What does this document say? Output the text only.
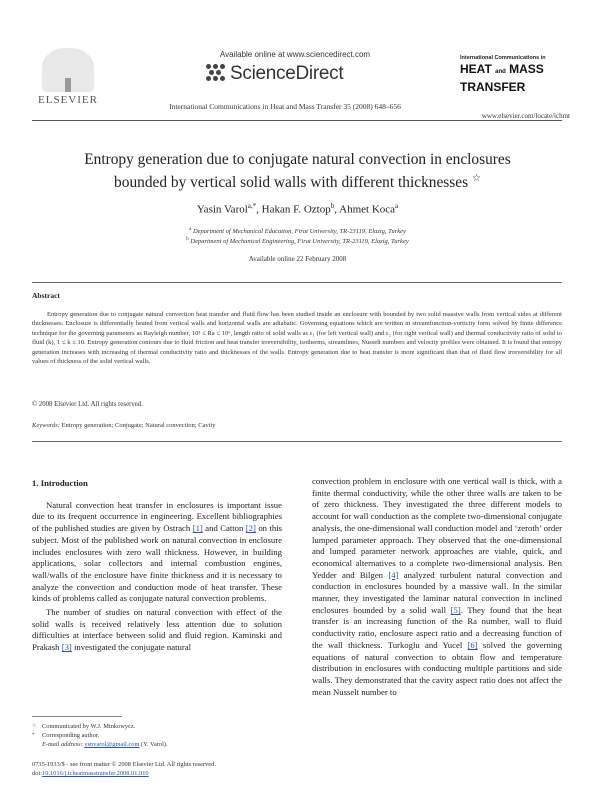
ELSEVIER
Available online at www.sciencedirect.com
ScienceDirect
International Communications in Heat and Mass Transfer 35 (2008) 648–656
International Communications in
HEAT and MASS
TRANSFER
www.elsevier.com/locate/ichmt
Entropy generation due to conjugate natural convection in enclosures
bounded by vertical solid walls with different thicknesses ☆
Yasin Varol$^{a,*}$, Hakan F. Oztop$^b$, Ahmet Koca$^a$
$^a$ Department of Mechanical Education, Firat University, TR-23119, Elazig, Turkey
$^b$ Department of Mechanical Engineering, Firat University, TR-23119, Elazig, Turkey
Available online 22 February 2008
Abstract
Entropy generation due to conjugate natural convection heat transfer and fluid flow has been studied inside an enclosure with bounded by two solid massive walls from vertical sides at different thicknesses. Enclosure is differentially heated from vertical walls and horizontal walls are adiabatic. Governing equations which are written in streamfunction-vorticity form solved by finite difference technique for the governing parameters as Rayleigh number, 10³ ≤ Ra ≤ 10⁶, length ratio of solid walls as ε₁ (for left vertical wall) and ε₂ (for right vertical wall) and thermal conductivity ratio of solid to fluid (k), 1 ≤ k ≤ 10. Entropy generation contours due to fluid friction and heat transfer irreversibility, isotherms, streamlines, Nusselt numbers and velocity profiles were obtained. It is found that entropy generation increases with increasing of thermal conductivity ratio and thicknesses of the walls. Entropy generation due to heat transfer is more significant than that of fluid flow irreversibility for all values of thickness of the solid vertical walls.
© 2008 Elsevier Ltd. All rights reserved.
Keywords: Entropy generation; Conjugate; Natural convection; Cavity
1. Introduction

Natural convection heat transfer in enclosures is important issue due to its frequent occurrence in engineering. Excellent bibliographies of the published studies are given by Ostrach [1] and Catton [2] on this subject. Most of the published work on natural convection in enclosure includes enclosures with zero wall thickness. However, in building applications, solar collectors and internal combustion engines, wall/walls of the enclosure have finite thickness and it is necessary to analyze the convection and conduction mode of heat transfer. These kinds of problems called as conjugate natural convection problems.

The number of studies on natural convection with effect of the solid walls is received relatively less attention due to solution difficulties at interface between solid and fluid region. Kaminski and Prakash [3] investigated the conjugate natural

convection problem in enclosure with one vertical wall is thick, with a finite thermal conductivity, while the other three walls are taken to be of zero thickness. They investigated the three different models to account for wall conduction as the complete two-dimensional conjugate analysis, the one-dimensional wall conduction model and ‘zeroth’ order lumped parameter approach. They observed that the one-dimensional and lumped parameter network approaches are viable, quick, and economical alternatives to a complete two-dimensional analysis. Ben Yedder and Bilgen [4] analyzed turbulent natural convection and conduction in enclosures bounded by a massive wall. In the similar manner, they investigated the laminar natural convection in inclined enclosures bounded by a solid wall [5]. They found that the heat transfer is an increasing function of the Ra number, wall to fluid conductivity ratio, enclosure aspect ratio and a decreasing function of the wall thickness. Turkoglu and Yucel [6] solved the governing equations of natural convection to obtain flow and temperature distribution in enclosures with conducting multiple partitions and side walls. They demonstrated that the cavity aspect ratio does not affect the mean Nusselt number to

☆ Communicated by W.J. Minkowycz.
* Corresponding author.
E-mail address: ysnvarol@gmail.com (Y. Varol).
0735-1933/$ - see front matter © 2008 Elsevier Ltd. All rights reserved.
doi:10.1016/j.icheatmasstransfer.2008.01.010
